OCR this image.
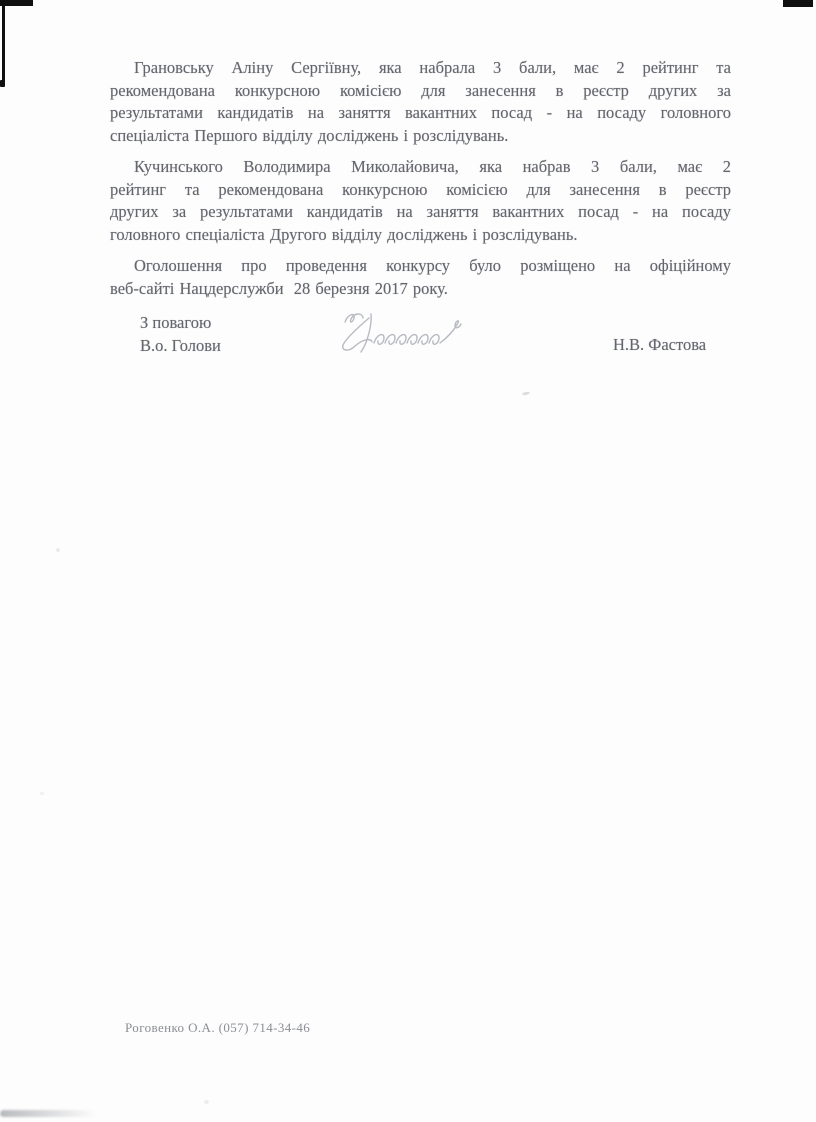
Грановську Аліну Сергіївну, яка набрала 3 бали, має 2 рейтинг та
рекомендована конкурсною комісією для занесення в реєстр других за
результатами кандидатів на заняття вакантних посад - на посаду головного
спеціаліста Першого відділу досліджень і розслідувань.
Кучинського Володимира Миколайовича, яка набрав 3 бали, має 2
рейтинг та рекомендована конкурсною комісією для занесення в реєстр
других за результатами кандидатів на заняття вакантних посад - на посаду
головного спеціаліста Другого відділу досліджень і розслідувань.
Оголошення про проведення конкурсу було розміщено на офіційному
веб-сайті Нацдерслужби  28 березня 2017 року.
З повагою
В.о. Голови	Н.В. Фастова
Роговенко О.А. (057) 714-34-46
